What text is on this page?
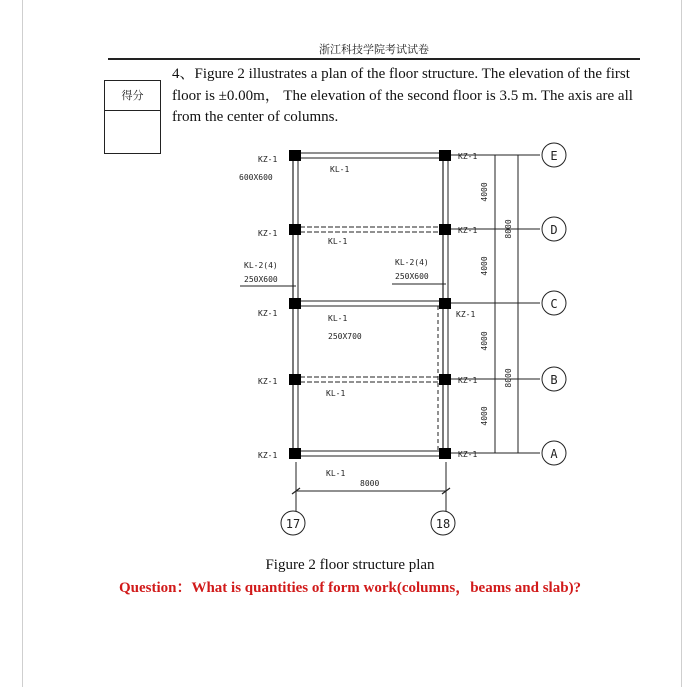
浙江科技学院考试试卷
得分
4、Figure 2 illustrates a plan of the floor structure. The elevation of the first floor is ±0.00m， The elevation of the second floor is 3.5 m. The axis are all from the center of columns.
E
D
C
B
A
17	18
KZ-1
600X600
KZ-1
KL-2(4)
250X600
KZ-1
KZ-1
KZ-1
KL-1
KL-1
KL-1
250X700
KL-1
KL-1
8000
KL-2(4)
250X600
KZ-1
KZ-1
KZ-1
KZ-1
KZ-1
4000
4000
4000
4000
8000
8000
Figure 2 floor structure plan
Question：What is quantities of form work(columns，beams and slab)?
